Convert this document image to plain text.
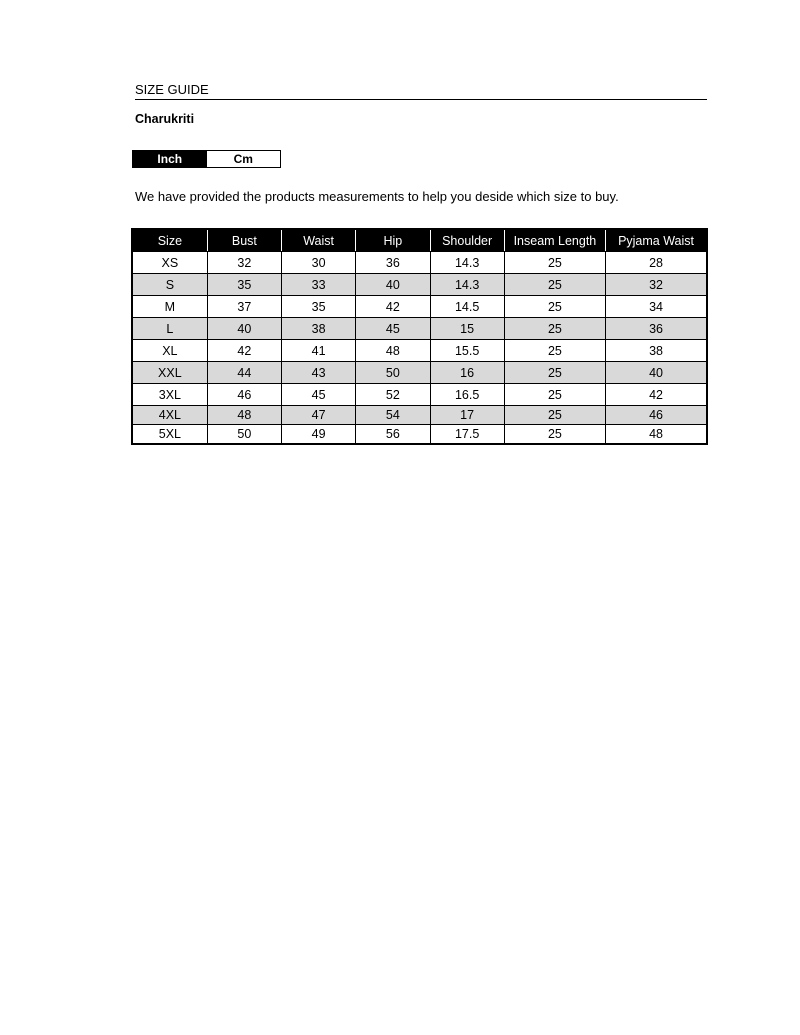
SIZE GUIDE
Charukriti
Inch	Cm
We have provided the products measurements to help you deside which size to buy.
Size	Bust	Waist	Hip	Shoulder	Inseam Length	Pyjama Waist
XS	32	30	36	14.3	25	28
S	35	33	40	14.3	25	32
M	37	35	42	14.5	25	34
L	40	38	45	15	25	36
XL	42	41	48	15.5	25	38
XXL	44	43	50	16	25	40
3XL	46	45	52	16.5	25	42
4XL	48	47	54	17	25	46
5XL	50	49	56	17.5	25	48
